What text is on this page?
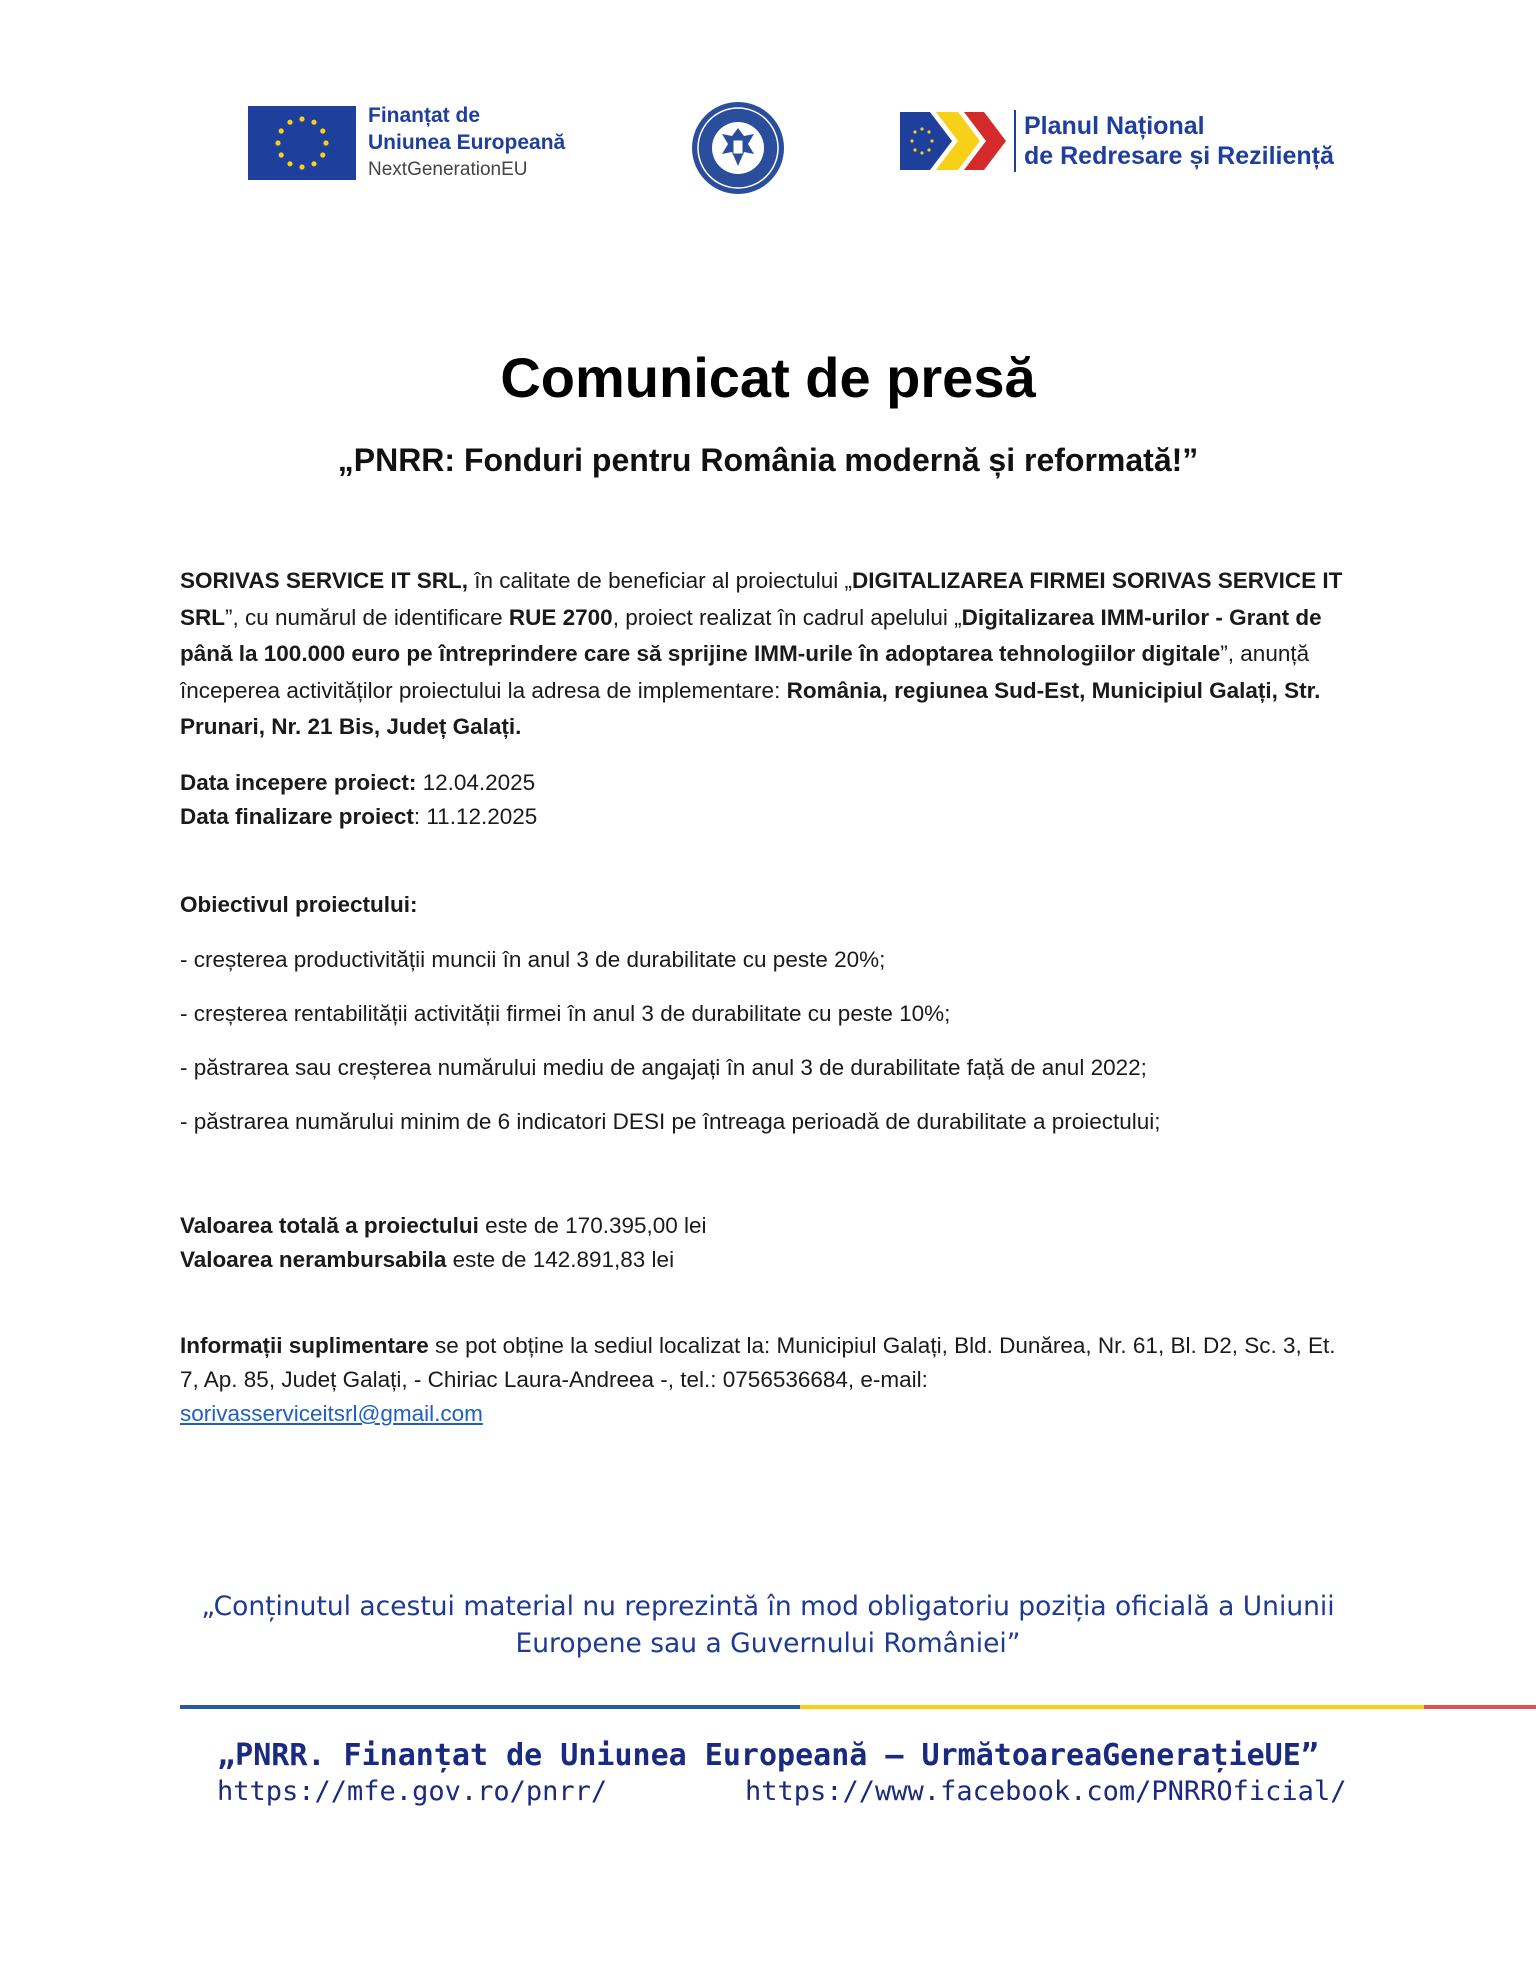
Finanțat de
Uniunea Europeană
NextGenerationEU
Planul Național
de Redresare și Reziliență
Comunicat de presă
„PNRR: Fonduri pentru România modernă și reformată!”
SORIVAS SERVICE IT SRL, în calitate de beneficiar al proiectului „DIGITALIZAREA FIRMEI SORIVAS SERVICE IT SRL”, cu numărul de identificare RUE 2700, proiect realizat în cadrul apelului „Digitalizarea IMM-urilor - Grant de până la 100.000 euro pe întreprindere care să sprijine IMM-urile în adoptarea tehnologiilor digitale”, anunță începerea activităților proiectului la adresa de implementare: România, regiunea Sud-Est, Municipiul Galați, Str. Prunari, Nr. 21 Bis, Județ Galați.
Data incepere proiect: 12.04.2025
Data finalizare proiect: 11.12.2025
Obiectivul proiectului:
- creșterea productivității muncii în anul 3 de durabilitate cu peste 20%;
- creșterea rentabilității activității firmei în anul 3 de durabilitate cu peste 10%;
- păstrarea sau creșterea numărului mediu de angajați în anul 3 de durabilitate față de anul 2022;
- păstrarea numărului minim de 6 indicatori DESI pe întreaga perioadă de durabilitate a proiectului;
Valoarea totală a proiectului este de 170.395,00 lei
Valoarea nerambursabila este de 142.891,83 lei
Informații suplimentare se pot obține la sediul localizat la: Municipiul Galați, Bld. Dunărea, Nr. 61, Bl. D2, Sc. 3, Et. 7, Ap. 85, Județ Galați, - Chiriac Laura-Andreea -, tel.: 0756536684, e-mail:
sorivasserviceitsrl@gmail.com
„Conținutul acestui material nu reprezintă în mod obligatoriu poziția oficială a Uniunii Europene sau a Guvernului României”
„PNRR. Finanțat de Uniunea Europeană – UrmătoareaGenerațieUE”
https://mfe.gov.ro/pnrr/	https://www.facebook.com/PNRROficial/
